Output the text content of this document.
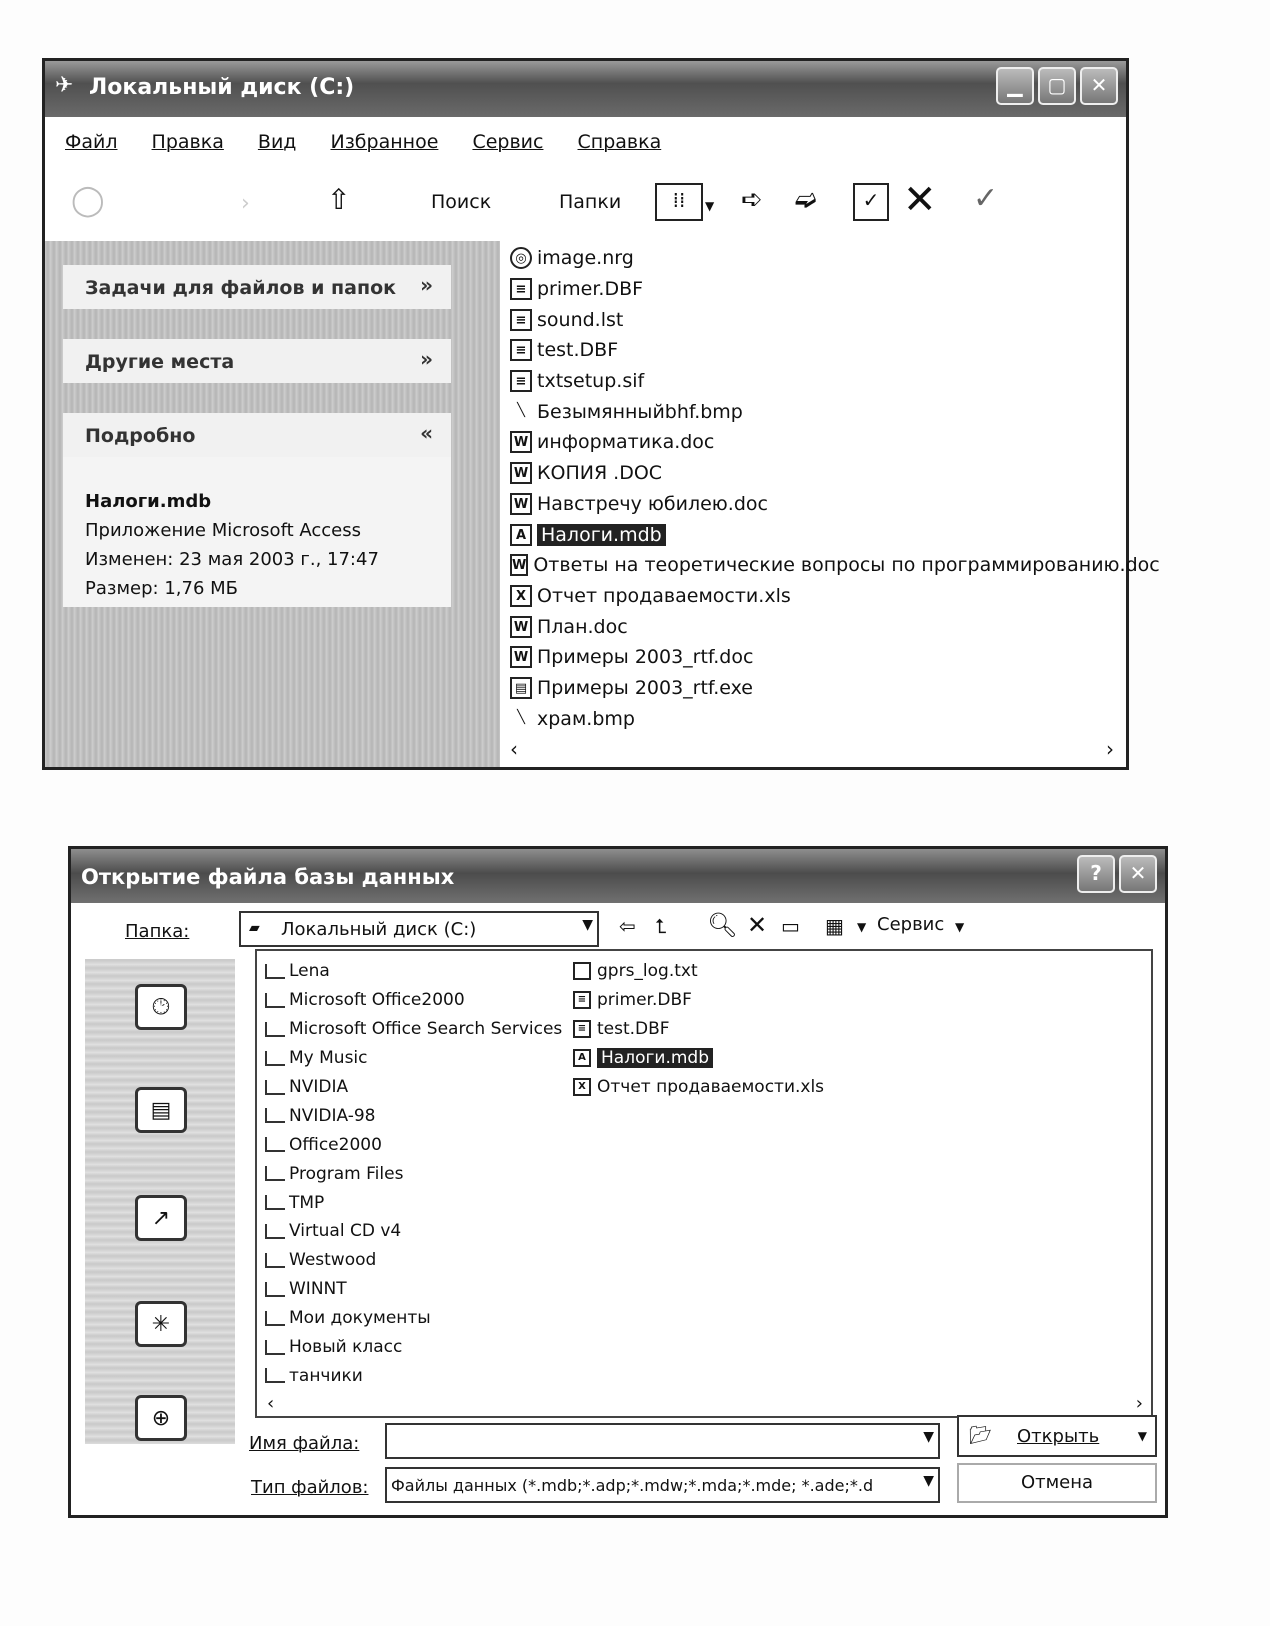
✈ Локальный диск (C:)	▁	▢	✕
Файл Правка Вид Избранное Сервис Справка
◯	›	⇧	Поиск	Папки	⁞⁞	▼ ➪ ➫	✓ ✕ ✓
Задачи для файлов и папок »
Другие места	»
Подробно	«
Налоги.mdb
Приложение Microsoft Access
Изменен: 23 мая 2003 г., 17:47
Размер: 1,76 МБ
◎ image.nrg
≡ primer.DBF
≡ sound.lst
≡ test.DBF
≡ txtsetup.sif
╲ Безымянныйbhf.bmp
W информатика.doc
W КОПИЯ .DOC
W Навстречу юбилею.doc
A Налоги.mdb
W Ответы на теоретические вопросы по программированию.doc
X Отчет продаваемости.xls
W План.doc
W Примеры 2003_rtf.doc
▤ Примеры 2003_rtf.exe
╲ храм.bmp
‹	›
Открытие файла базы данных	?	✕
Папка:	▰ Локальный диск (C:)	▼ ⇦ ⮤ 🔍︎ ✕ ▭ ▦ ▼ Сервис ▼
🕑︎
▤
↗
✳
⊕
Lena
Microsoft Office2000
Microsoft Office Search Services
My Music
NVIDIA
NVIDIA-98
Office2000
Program Files
TMP
Virtual CD v4
Westwood
WINNT
Мои документы
Новый класс
танчики
gprs_log.txt
≡ primer.DBF
≡ test.DBF
A Налоги.mdb
X Отчет продаваемости.xls
‹	›
Имя файла:	▼
Тип файлов: Файлы данных (*.mdb;*.adp;*.mdw;*.mda;*.mde; *.ade;*.d	▼
📂︎ Открыть	▼
Отмена
